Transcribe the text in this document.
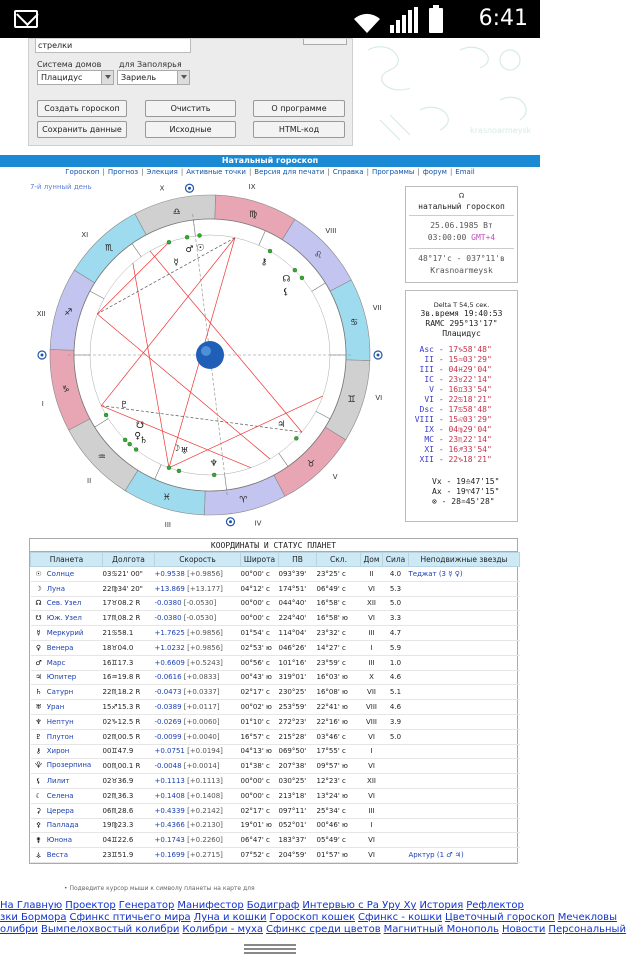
6:41
стрелки
Система домов для Заполярья
Плацидус	Зариель
Создать гороскоп	Очистить	О программе
Сохранить данные	Исходные	HTML-код	krasnoarmeysk
Натальный гороскоп
Гороскоп | Прогноз | Элекция | Активные точки | Версия для печати | Справка | Программы | форум | Email
7-й лунный день
I
II
III	IV
V
VI
VII
VIII
IX
X
XI
XII
♑
♒
♓	♈
♉
♊
♋
♌
♍
♎
♏
♐
☉
☽
♂
☿
♀
♃
♄
♅
♆
♇
⚷
⚸
☊
☋
☊
натальный гороскоп
25.06.1985 Вт
03:00:00 GMT+4
48°17'с - 037°11'в
Krasnoarmeysk
Delta T 54,5 сек.
Зв.время 19:40:53
RAMC 295°13'17"
Плацидус
Asc - 17♑58'48"
II - 15♒03'29"
III - 04♓29'04"
IC - 23♉22'14"
V - 16♊33'54"
VI - 22♋18'21"
Dsc - 17♋58'48"
VIII - 15♌03'29"
IX - 04♍29'04"
MC - 23♏22'14"
XI - 16♐33'54"
XII - 22♑18'21"
Vx - 19♎47'15"
Ax - 19♈47'15"
⊗ - 28♒45'28"
КООРДИНАТЫ И СТАТУС ПЛАНЕТ
Планета	Долгота	Скорость	Широта	ПВ	Скл.	Дом	Сила	Неподвижные звезды
☉ Солнце	03♋21' 00"	+0.9538 [+0.9856]	00°00' с	093°39'	23°25' с	II	4.0	Теджат (3 ☿ ♀)
☽ Луна	22♍34' 20"	+13.869 [+13.177]	04°12' с	174°51'	06°49' с	VI	5.3	
☊ Сев. Узел	17♉08.2 R	-0.0380 [-0.0530]	00°00' с	044°40'	16°58' с	XII	5.0	
☋ Юж. Узел	17♏08.2 R	-0.0380 [-0.0530]	00°00' с	224°40'	16°58' ю	VI	3.3	
☿ Меркурий	21♋58.1	+1.7625 [+0.9856]	01°54' с	114°04'	23°32' с	III	4.7	
♀ Венера	18♉04.0	+1.0232 [+0.9856]	02°53' ю	046°26'	14°27' с	I	5.9	
♂ Марс	16♊17.3	+0.6609 [+0.5243]	00°56' с	101°16'	23°59' с	III	1.0	
♃ Юпитер	16♒19.8 R	-0.0616 [+0.0833]	00°43' ю	319°01'	16°03' ю	X	4.6	
♄ Сатурн	22♏18.2 R	-0.0473 [+0.0337]	02°17' с	230°25'	16°08' ю	VII	5.1	
♅ Уран	15♐15.3 R	-0.0389 [+0.0117]	00°02' ю	253°59'	22°41' ю	VIII	4.6	
♆ Нептун	02♑12.5 R	-0.0269 [+0.0060]	01°10' с	272°23'	22°16' ю	VIII	3.9	
♇ Плутон	02♏00.5 R	-0.0099 [+0.0040]	16°57' с	215°28'	03°46' с	VI	5.0	
⚷ Хирон	00♊47.9	+0.0751 [+0.0194]	04°13' ю	069°50'	17°55' с	I		
⯓ Прозерпина	00♏00.1 R	-0.0048 [+0.0014]	01°38' с	207°38'	09°57' ю	VI		
⚸ Лилит	02♉36.9	+0.1113 [+0.1113]	00°00' с	030°25'	12°23' с	XII		
☾ Селена	02♏36.3	+0.1408 [+0.1408]	00°00' с	213°18'	13°24' ю	VI		
⚳ Церера	06♏28.6	+0.4339 [+0.2142]	02°17' с	097°11'	25°34' с	III		
⚴ Паллада	19♍23.3	+0.4366 [+0.2130]	19°01' ю	052°01'	00°46' ю	I		
⚵ Юнона	04♊22.6	+0.1743 [+0.2260]	06°47' с	183°37'	05°49' с	VI		
⚶ Веста	23♊51.9	+0.1699 [+0.2715]	07°52' с	204°59'	01°57' ю	VI		Арктур (1 ♂ ♃)
• Подведите курсор мыши к символу планеты на карте для
На Главную Проектор Генератор Манифестор Бодиграф Интервью с Ра Уру Ху История Рефлектор
зки Бормора Сфинкс птичьего мира Луна и кошки Гороскоп кошек Сфинкс - кошки Цветочный гороскоп Мечекловы
олибри Вымпелохвостый колибри Колибри - муха Сфинкс среди цветов Магнитный Монополь Новости Персональный
